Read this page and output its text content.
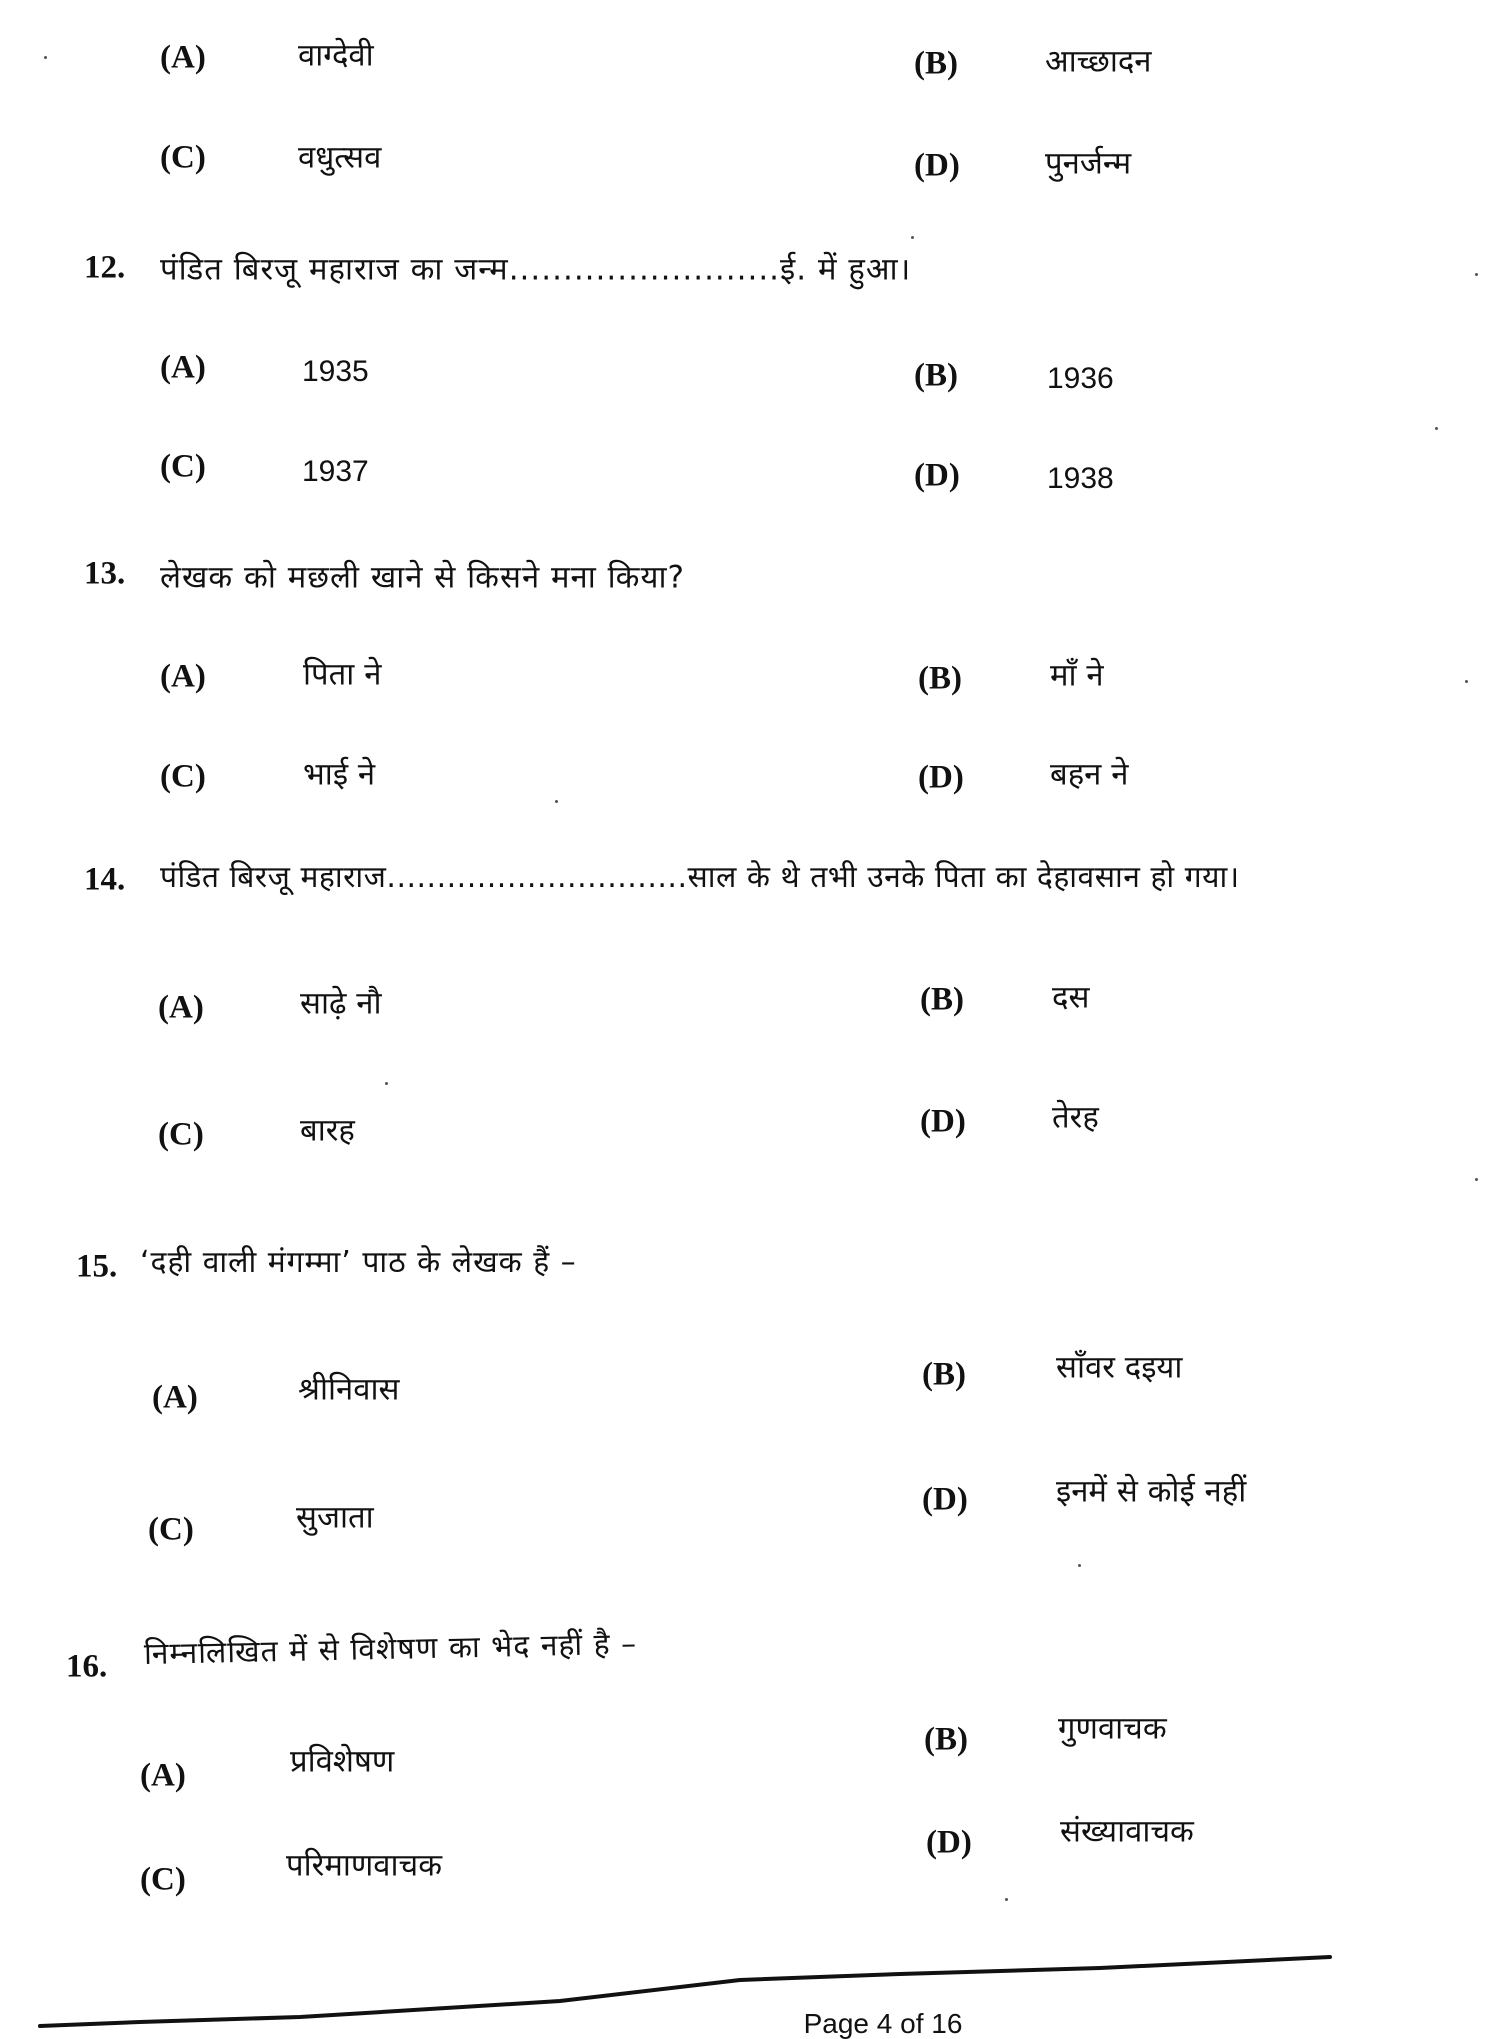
(A)	वाग्देवी	(B)	आच्छादन
(C)	वधुत्सव	(D)	पुनर्जन्म
12. पंडित बिरजू महाराज का जन्म.........................ई. में हुआ।
(A)	1935	(B)	1936
(C)	1937	(D)	1938
13. लेखक को मछली खाने से किसने मना किया?
(A)	पिता ने	(B)	माँ ने
(C)	भाई ने	(D)	बहन ने
14. पंडित बिरजू महाराज..............................साल के थे तभी उनके पिता का देहावसान हो गया।
(A)	साढ़े नौ	(B)	दस
(C)	बारह	(D)	तेरह
15. ‘दही वाली मंगम्मा’ पाठ के लेखक हैं –
(A)	श्रीनिवास	(B)	साँवर दइया
(C)	सुजाता	(D)	इनमें से कोई नहीं
16. निम्नलिखित में से विशेषण का भेद नहीं है –
(A)	प्रविशेषण
(B)	गुणवाचक
(C)	परिमाणवाचक
(D)	संख्यावाचक
Page 4 of 16
